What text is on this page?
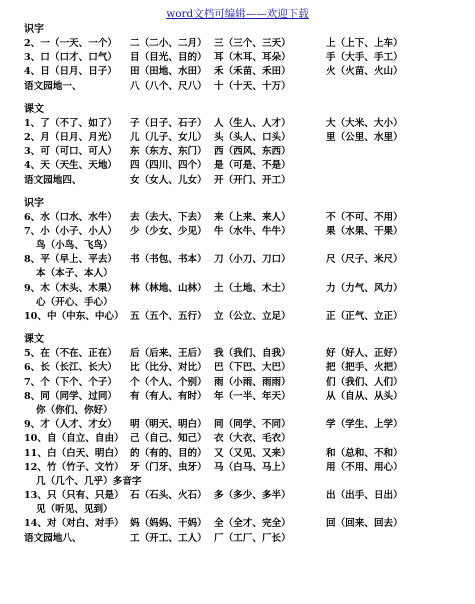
word文档可编辑——欢迎下载
识字
2、一（一天、一个）	二（二小、二月） 三（三个、三天）	上（上下、上车）
3、口（口才、口气）	目（目光、目的） 耳（木耳、耳朵）	手（大手、手工）
4、日（日月、日子）	田（田地、水田） 禾（禾苗、禾田）	火（火苗、火山）
语文园地一、	八（八个、尺八） 十（十天、十万）
课文
1、了（不了、如了）	子（日子、石子） 人（生人、人才）	大（大米、大小）
2、月（日月、月光）	儿（儿子、女儿） 头（头人、口头）	里（公里、水里）
3、可（可口、可人）	东（东方、东门） 西（西风、东西）
4、天（天生、天地）	四（四川、四个） 是（可是、不是）
语文园地四、	女（女人、儿女） 开（开门、开工）
识字
6、水（口水、水牛）	去（去大、下去） 来（上来、来人）	不（不可、不用）
7、小（小子、小人）	少（少女、少见） 牛（水牛、牛牛）	果（水果、干果）
鸟（小鸟、飞鸟）
8、平（早上、平去）	书（书包、书本） 刀（小刀、刀口）	尺（尺子、米尺）
本（本子、本人）
9、木（木头、木果）	林（林地、山林） 土（土地、木土）	力（力气、风力）
心（开心、手心）
10、中（中东、中心） 五（五个、五行） 立（公立、立足）	正（正气、立正）
课文
5、在（不在、正在）	后（后来、王后） 我（我们、自我）	好（好人、正好）
6、长（长江、长大）	比（比分、对比） 巴（下巴、大巴）	把（把手、火把）
7、个（下个、个子）	个（个人、个别） 雨（小雨、雨雨）	们（我们、人们）
8、同（同学、过同）	有（有人、有时） 年（一半、年天）	从（自从、从头）
你（你们、你好）
9、才（人才、才女）	明（明天、明白） 同（同学、不同）	学（学生、上学）
10、自（自立、自由） 己（自己、知己） 衣（大衣、毛衣）
11、白（白天、明白） 的（有的、目的） 又（又见、又来）	和（总和、不和）
12、竹（竹子、文竹） 牙（门牙、虫牙） 马（白马、马上）	用（不用、用心）
几（几个、几乎）多音字
13、只（只有、只是） 石（石头、火石） 多（多少、多半）	出（出手、日出）
见（听见、见到）
14、对（对白、对手） 妈（妈妈、干妈） 全（全才、完全）	回（回来、回去）
语文园地八、	工（开工、工人） 厂（工厂、厂长）
